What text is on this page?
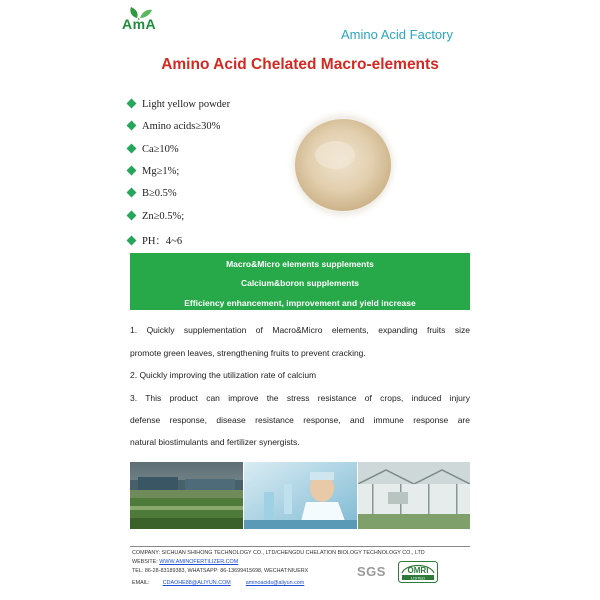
AmA
Amino Acid Factory
Amino Acid Chelated Macro-elements
Light yellow powder
Amino acids≥30%
Ca≥10%
Mg≥1%;
B≥0.5%
Zn≥0.5%;
PH：4~6
Macro&Micro elements supplements
Calcium&boron supplements
Efficiency enhancement, improvement and yield increase
1. Quickly supplementation of Macro&Micro elements, expanding fruits size
promote green leaves, strengthening fruits to prevent cracking.
2. Quickly improving the utilization rate of calcium
3. This product can improve the stress resistance of crops, induced injury
defense response, disease resistance response, and immune response are
natural biostimulants and fertilizer synergists.
COMPANY: SICHUAN SHIHONG TECHNOLOGY CO., LTD/CHENGDU CHELATION BIOLOGY TECHNOLOGY CO., LTD
WEBSITE: WWW.AMINOFERTILIZER.COM
TEL: 86-28-83189383, WHATSAPP: 86-13699415698, WECHAT:NIUERX
EMAIL: CDAOHE88@ALIYUN.COM	aminoacids@aliyun.com
SGS	OMRI
LISTED
